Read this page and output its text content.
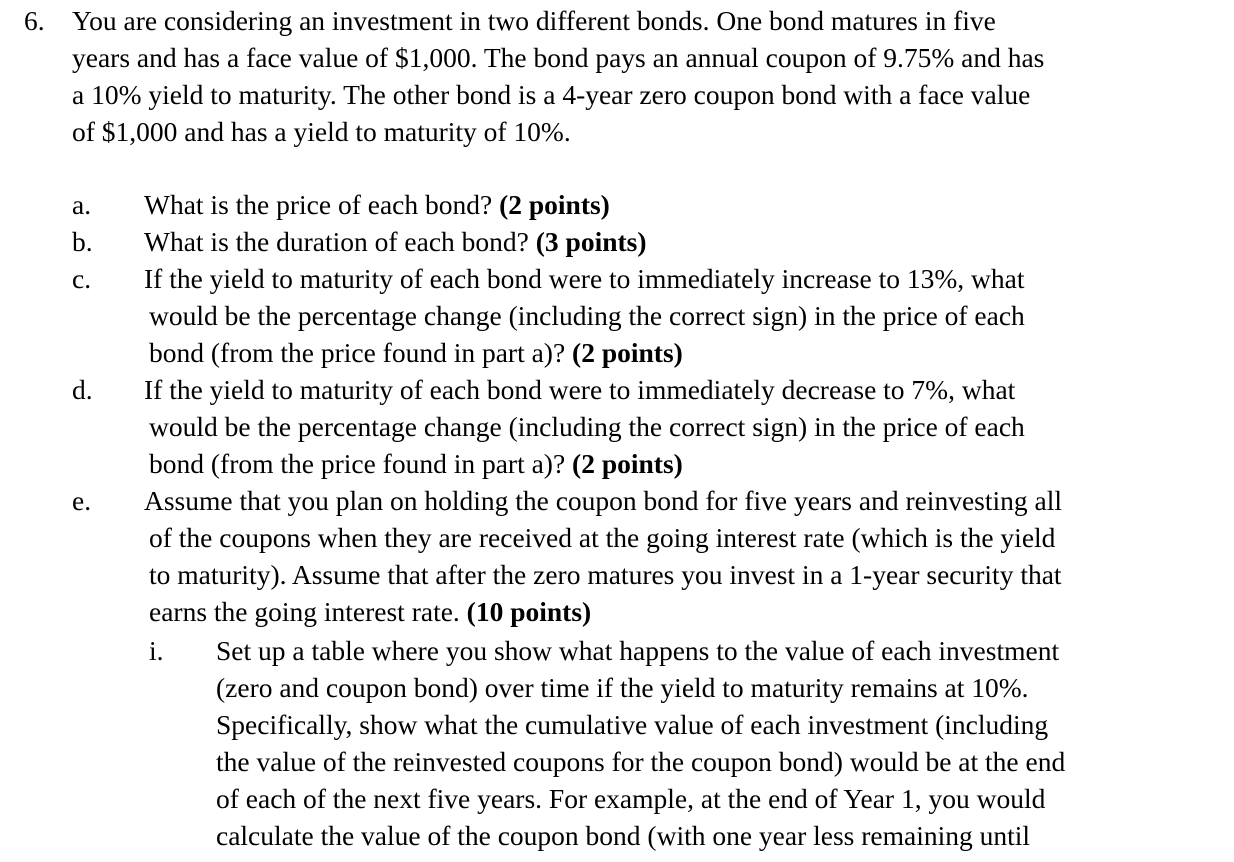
6. You are considering an investment in two different bonds. One bond matures in five
years and has a face value of $1,000. The bond pays an annual coupon of 9.75% and has
a 10% yield to maturity. The other bond is a 4-year zero coupon bond with a face value
of $1,000 and has a yield to maturity of 10%.
a. What is the price of each bond? (2 points)
b. What is the duration of each bond? (3 points)
c. If the yield to maturity of each bond were to immediately increase to 13%, what
would be the percentage change (including the correct sign) in the price of each
bond (from the price found in part a)? (2 points)
d. If the yield to maturity of each bond were to immediately decrease to 7%, what
would be the percentage change (including the correct sign) in the price of each
bond (from the price found in part a)? (2 points)
e. Assume that you plan on holding the coupon bond for five years and reinvesting all
of the coupons when they are received at the going interest rate (which is the yield
to maturity). Assume that after the zero matures you invest in a 1-year security that
earns the going interest rate. (10 points)
i. Set up a table where you show what happens to the value of each investment
(zero and coupon bond) over time if the yield to maturity remains at 10%.
Specifically, show what the cumulative value of each investment (including
the value of the reinvested coupons for the coupon bond) would be at the end
of each of the next five years. For example, at the end of Year 1, you would
calculate the value of the coupon bond (with one year less remaining until
